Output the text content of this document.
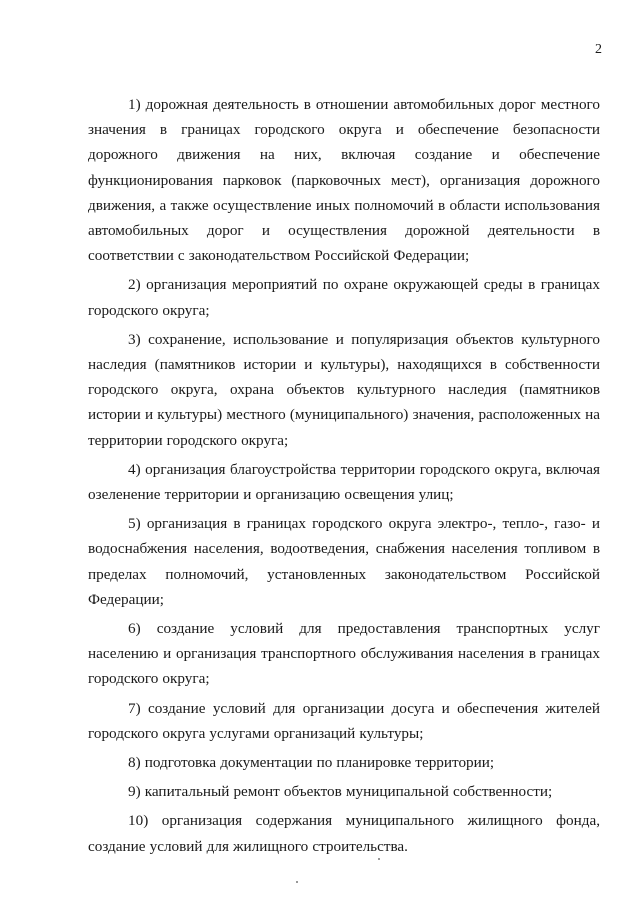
2

1) дорожная деятельность в отношении автомобильных дорог местного значения в границах городского округа и обеспечение безопасности дорожного движения на них, включая создание и обеспечение функционирования парковок (парковочных мест), организация дорожного движения, а также осуществление иных полномочий в области использования автомобильных дорог и осуществления дорожной деятельности в соответствии с законодательством Российской Федерации;

2) организация мероприятий по охране окружающей среды в границах городского округа;

3) сохранение, использование и популяризация объектов культурного наследия (памятников истории и культуры), находящихся в собственности городского округа, охрана объектов культурного наследия (памятников истории и культуры) местного (муниципального) значения, расположенных на территории городского округа;

4) организация благоустройства территории городского округа, включая озеленение территории и организацию освещения улиц;

5) организация в границах городского округа электро-, тепло-, газо- и водоснабжения населения, водоотведения, снабжения населения топливом в пределах полномочий, установленных законодательством Российской Федерации;

6) создание условий для предоставления транспортных услуг населению и организация транспортного обслуживания населения в границах городского округа;

7) создание условий для организации досуга и обеспечения жителей городского округа услугами организаций культуры;

8) подготовка документации по планировке территории;

9) капитальный ремонт объектов муниципальной собственности;

10) организация содержания муниципального жилищного фонда, создание условий для жилищного строительства.
